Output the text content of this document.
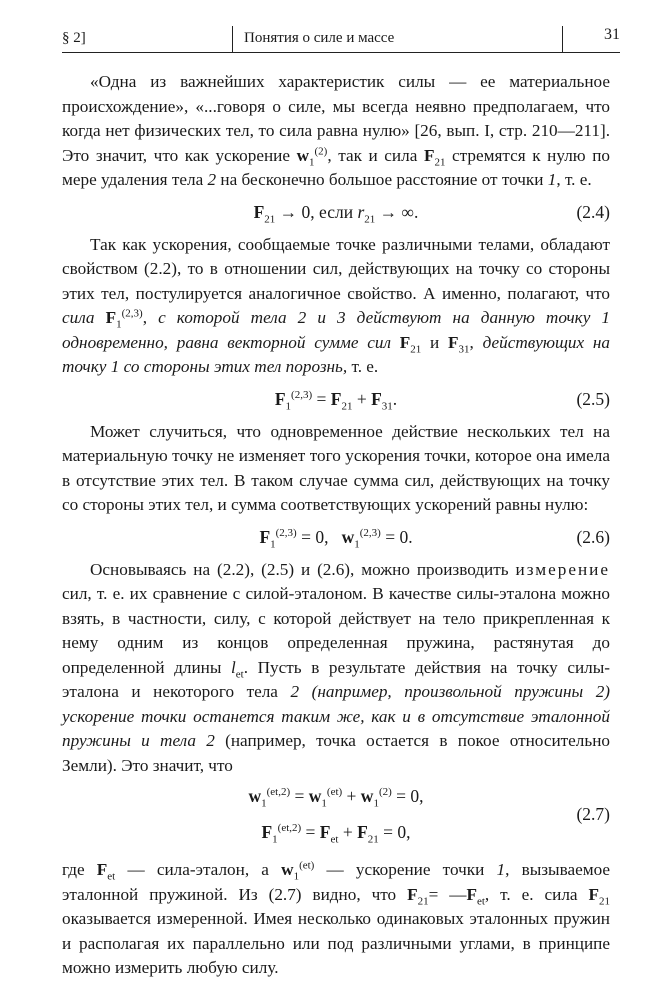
§ 2]	Понятия о силе и массе	31

«Одна из важнейших характеристик силы — ее материальное происхождение», «...говоря о силе, мы всегда неявно предполагаем, что когда нет физических тел, то сила равна нулю» [26, вып. I, стр. 210—211]. Это значит, что как ускорение $w_1^{(2)}$, так и сила $F_{21}$ стремятся к нулю по мере удаления тела 2 на бесконечно большое расстояние от точки 1, т. е.

$F_{21} \to 0$, если $r_{21}$ → ∞.	(2.4)

Так как ускорения, сообщаемые точке различными телами, обладают свойством (2.2), то в отношении сил, действующих на точку со стороны этих тел, постулируется аналогичное свойство. А именно, полагают, что сила $F_1^{(2,3)}$, с которой тела 2 и 3 действуют на данную точку 1 одновременно, равна векторной сумме сил $F_{21}$ и $F_{31}$, действующих на точку 1 со стороны этих тел порознь, т. е.

$F_1^{(2,3)} = F_{21} + F_{31}$.	(2.5)

Может случиться, что одновременное действие нескольких тел на материальную точку не изменяет того ускорения точки, которое она имела в отсутствие этих тел. В таком случае сумма сил, действующих на точку со стороны этих тел, и сумма соответствующих ускорений равны нулю:

$F_1^{(2,3)} = 0$, $w_1^{(2,3)} = 0$.	(2.6)

Основываясь на (2.2), (2.5) и (2.6), можно производить измерение сил, т. е. их сравнение с силой-эталоном. В качестве силы-эталона можно взять, в частности, силу, с которой действует на тело прикрепленная к нему одним из концов определенная пружина, растянутая до определенной длины $l_{et}$. Пусть в результате действия на точку силы-эталона и некоторого тела 2 (например, произвольной пружины 2) ускорение точки останется таким же, как и в отсутствие эталонной пружины и тела 2 (например, точка остается в покое относительно Земли). Это значит, что

$w_1^{(et,2)} = w_1^{(et)} + w_1^{(2)} = 0$,
$F_1^{(et,2)} = F_{et} + F_{21} = 0$,
(2.7)

где $F_{et}$ — сила-эталон, а $w_1^{(et)}$ — ускорение точки 1, вызываемое эталонной пружиной. Из (2.7) видно, что $F_{21}=$ $—F_{et}$, т. е. сила $F_{21}$ оказывается измеренной. Имея несколько одинаковых эталонных пружин и располагая их параллельно или под различными углами, в принципе можно измерить любую силу.
